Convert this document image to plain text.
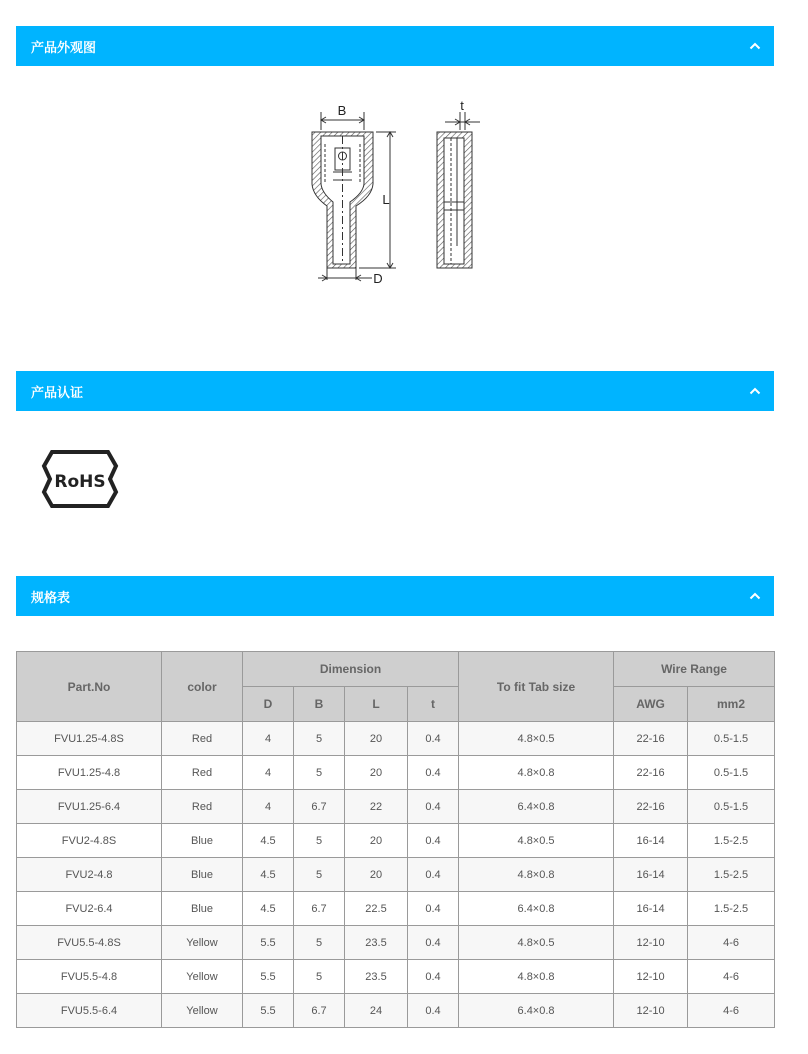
产品外观图
B	t
L
D
产品认证
RoHS
规格表
Part.No	color	Dimension				To fit Tab size	Wire Range	
		D	B	L	t		AWG	mm2
FVU1.25-4.8S	Red	4	5	20	0.4	4.8×0.5	22-16	0.5-1.5
FVU1.25-4.8	Red	4	5	20	0.4	4.8×0.8	22-16	0.5-1.5
FVU1.25-6.4	Red	4	6.7	22	0.4	6.4×0.8	22-16	0.5-1.5
FVU2-4.8S	Blue	4.5	5	20	0.4	4.8×0.5	16-14	1.5-2.5
FVU2-4.8	Blue	4.5	5	20	0.4	4.8×0.8	16-14	1.5-2.5
FVU2-6.4	Blue	4.5	6.7	22.5	0.4	6.4×0.8	16-14	1.5-2.5
FVU5.5-4.8S	Yellow	5.5	5	23.5	0.4	4.8×0.5	12-10	4-6
FVU5.5-4.8	Yellow	5.5	5	23.5	0.4	4.8×0.8	12-10	4-6
FVU5.5-6.4	Yellow	5.5	6.7	24	0.4	6.4×0.8	12-10	4-6
